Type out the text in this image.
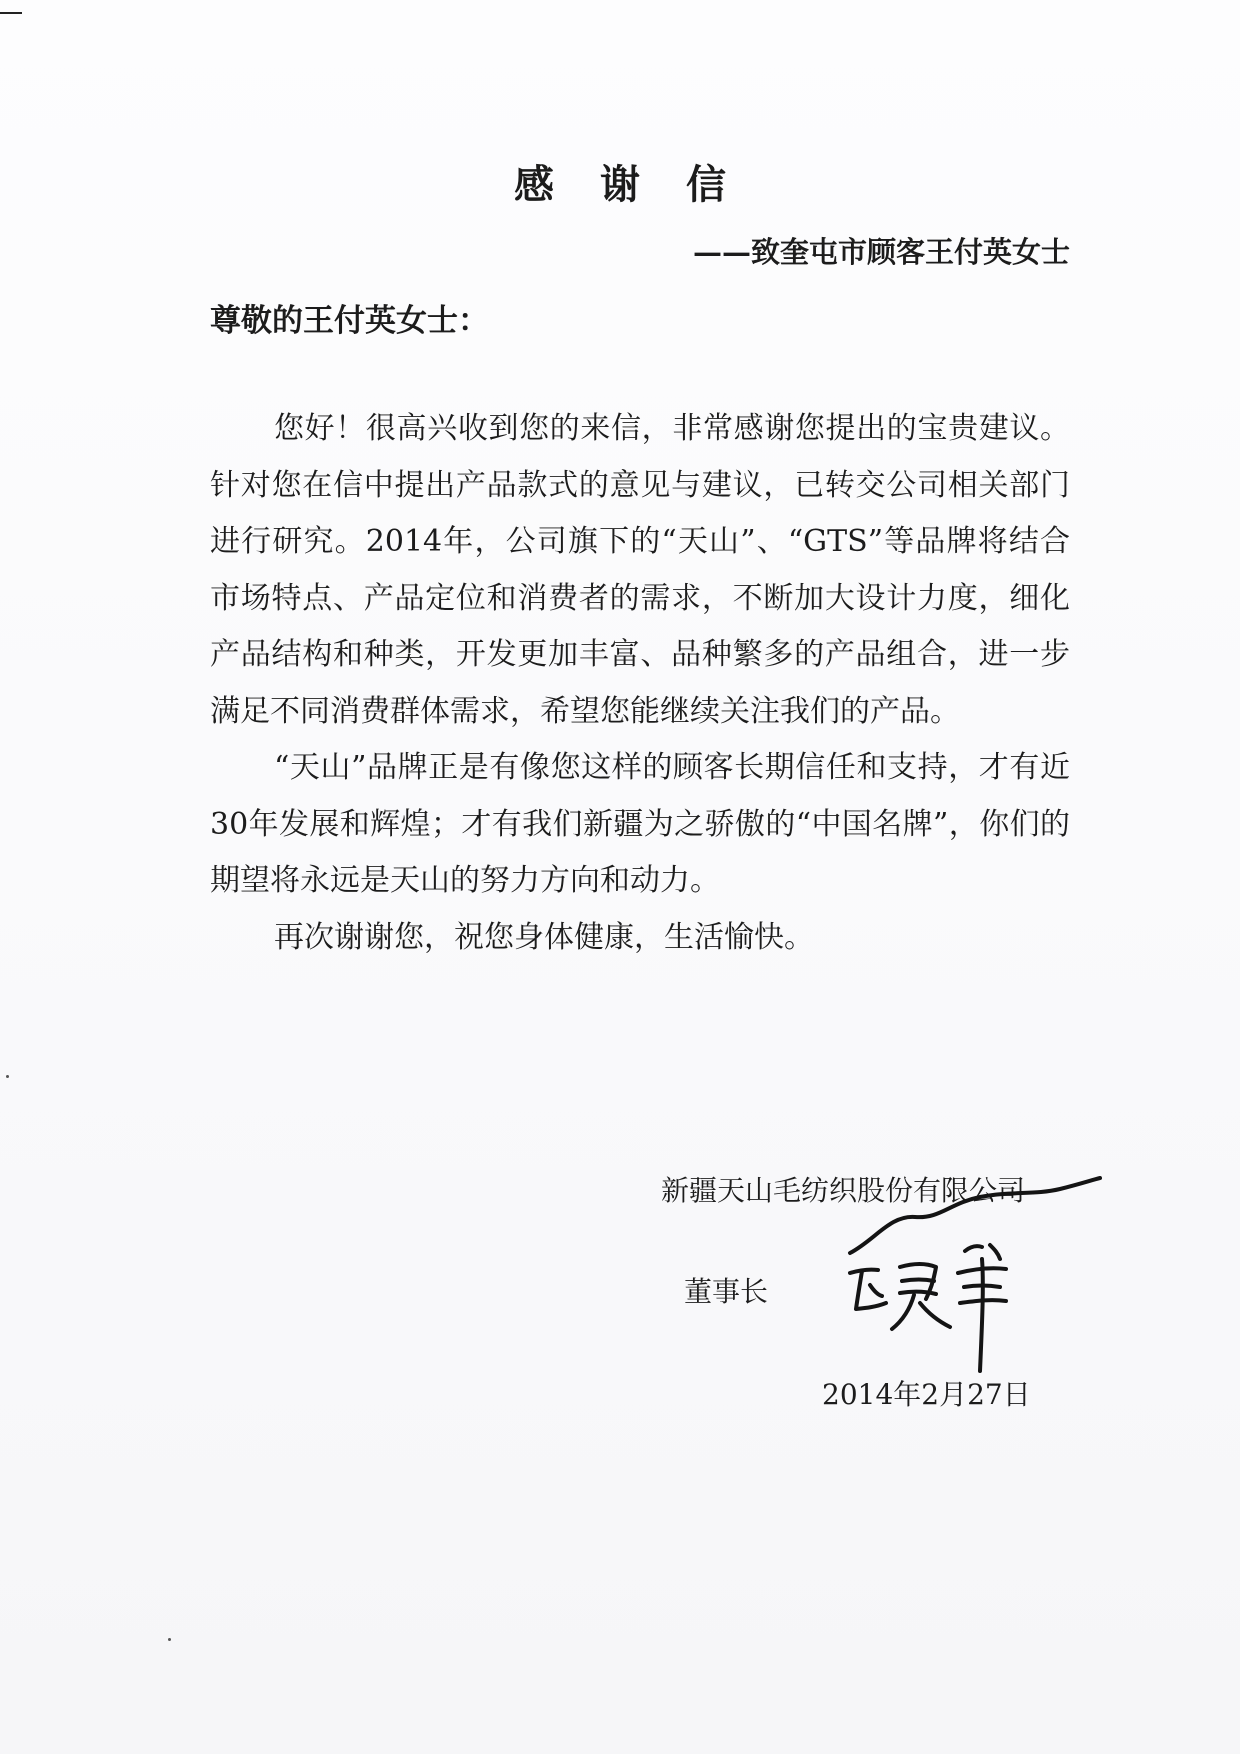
感谢信
——致奎屯市顾客王付英女士
尊敬的王付英女士：

您好！很高兴收到您的来信，非常感谢您提出的宝贵建议。针对您在信中提出产品款式的意见与建议，已转交公司相关部门进行研究。2014年，公司旗下的“天山”、“GTS”等品牌将结合市场特点、产品定位和消费者的需求，不断加大设计力度，细化产品结构和种类，开发更加丰富、品种繁多的产品组合，进一步满足不同消费群体需求，希望您能继续关注我们的产品。

“天山”品牌正是有像您这样的顾客长期信任和支持，才有近30年发展和辉煌；才有我们新疆为之骄傲的“中国名牌”，你们的期望将永远是天山的努力方向和动力。

再次谢谢您，祝您身体健康，生活愉快。

新疆天山毛纺织股份有限公司
董事长
2014年2月27日
